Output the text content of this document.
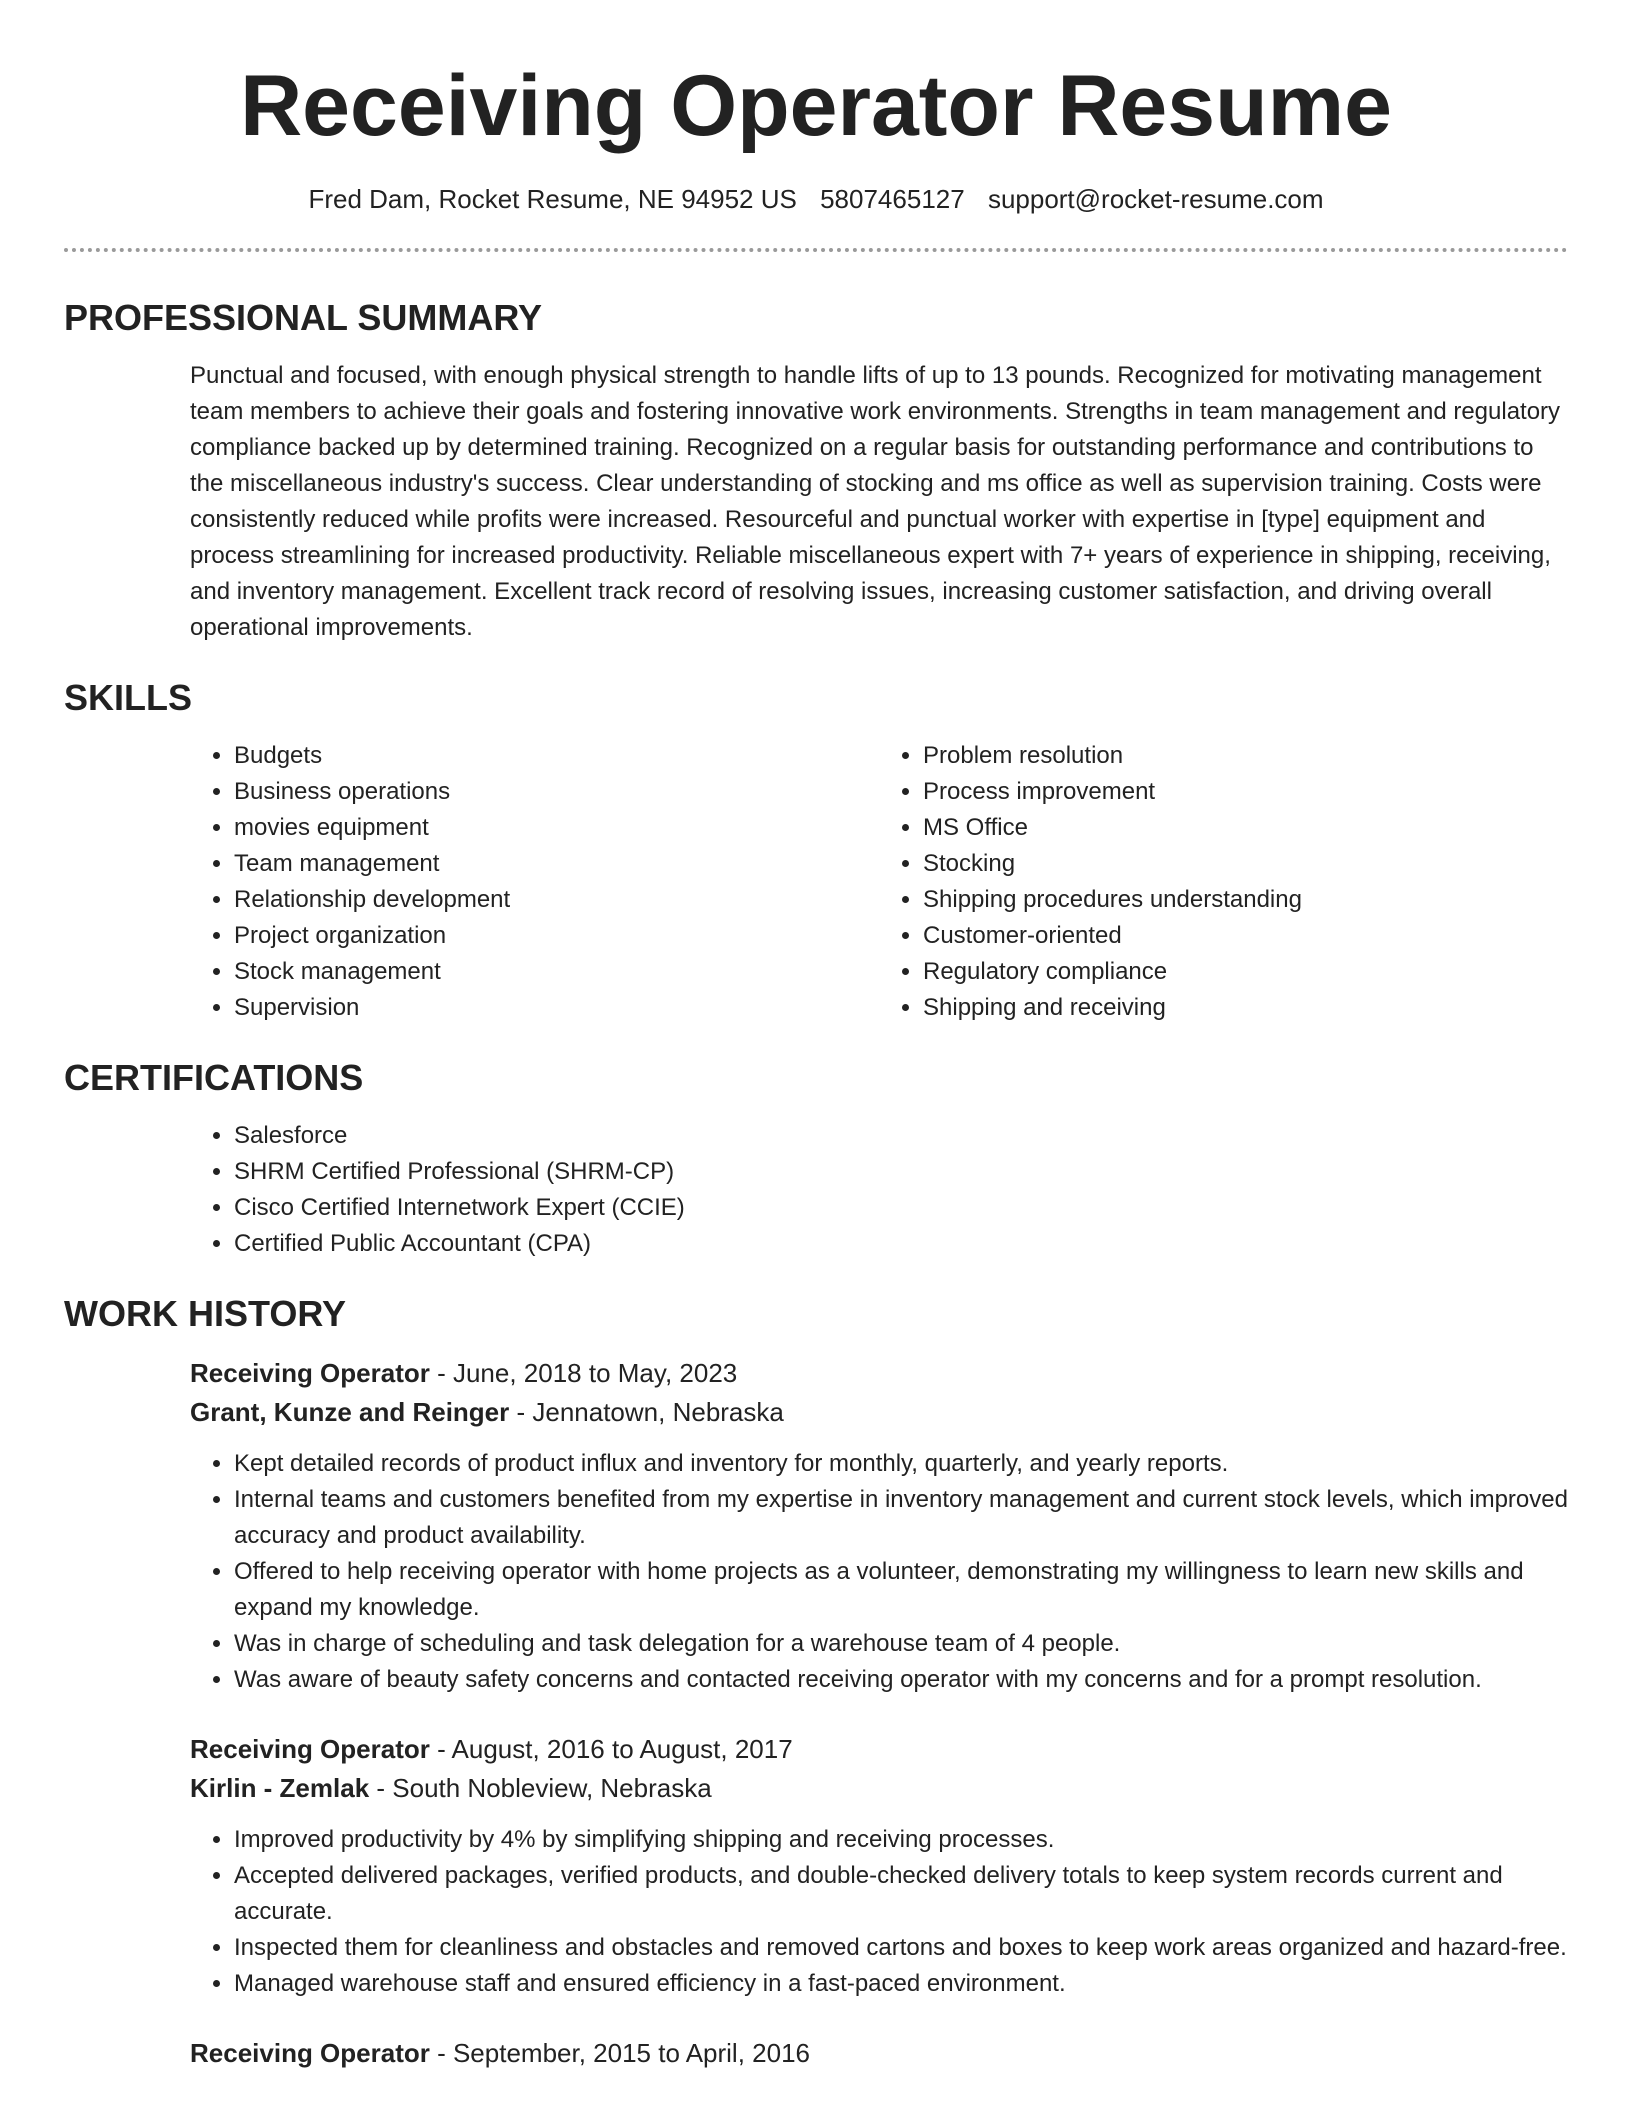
Receiving Operator Resume
Fred Dam, Rocket Resume, NE 94952 US 5807465127 support@rocket-resume.com
PROFESSIONAL SUMMARY
Punctual and focused, with enough physical strength to handle lifts of up to 13 pounds. Recognized for motivating management team members to achieve their goals and fostering innovative work environments. Strengths in team management and regulatory compliance backed up by determined training. Recognized on a regular basis for outstanding performance and contributions to the miscellaneous industry's success. Clear understanding of stocking and ms office as well as supervision training. Costs were consistently reduced while profits were increased. Resourceful and punctual worker with expertise in [type] equipment and process streamlining for increased productivity. Reliable miscellaneous expert with 7+ years of experience in shipping, receiving, and inventory management. Excellent track record of resolving issues, increasing customer satisfaction, and driving overall operational improvements.
SKILLS
• Budgets
• Business operations
• movies equipment
• Team management
• Relationship development
• Project organization
• Stock management
• Supervision
• Problem resolution
• Process improvement
• MS Office
• Stocking
• Shipping procedures understanding
• Customer-oriented
• Regulatory compliance
• Shipping and receiving
CERTIFICATIONS
• Salesforce
• SHRM Certified Professional (SHRM-CP)
• Cisco Certified Internetwork Expert (CCIE)
• Certified Public Accountant (CPA)
WORK HISTORY
Receiving Operator - June, 2018 to May, 2023
Grant, Kunze and Reinger - Jennatown, Nebraska
• Kept detailed records of product influx and inventory for monthly, quarterly, and yearly reports.
• Internal teams and customers benefited from my expertise in inventory management and current stock levels, which improved accuracy and product availability.
• Offered to help receiving operator with home projects as a volunteer, demonstrating my willingness to learn new skills and expand my knowledge.
• Was in charge of scheduling and task delegation for a warehouse team of 4 people.
• Was aware of beauty safety concerns and contacted receiving operator with my concerns and for a prompt resolution.
Receiving Operator - August, 2016 to August, 2017
Kirlin - Zemlak - South Nobleview, Nebraska
• Improved productivity by 4% by simplifying shipping and receiving processes.
• Accepted delivered packages, verified products, and double-checked delivery totals to keep system records current and accurate.
• Inspected them for cleanliness and obstacles and removed cartons and boxes to keep work areas organized and hazard-free.
• Managed warehouse staff and ensured efficiency in a fast-paced environment.
Receiving Operator - September, 2015 to April, 2016
